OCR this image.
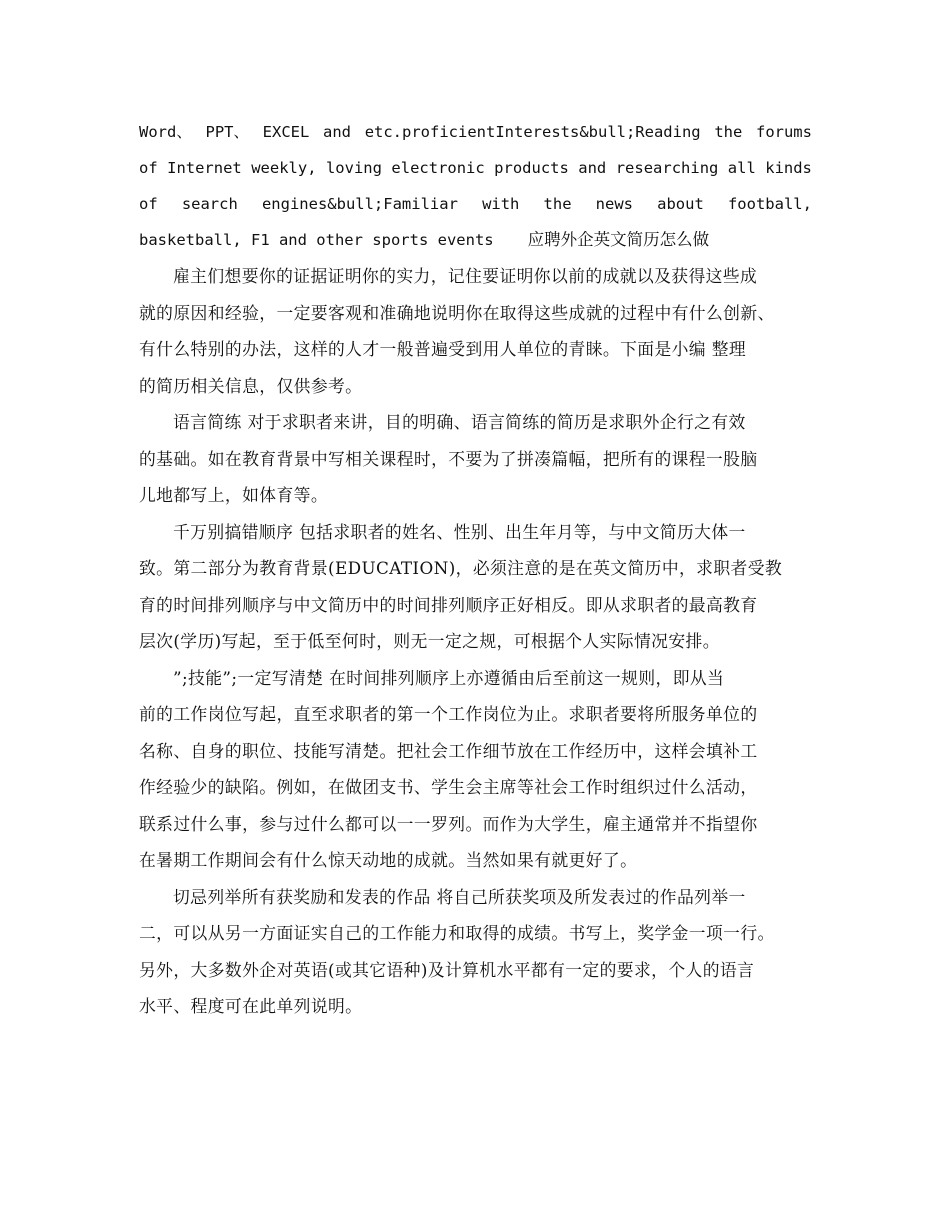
Word、 PPT、 EXCEL and etc.proficientInterests&bull;Reading the forums
of Internet weekly, loving electronic products and researching all kinds
of search engines&bull;Familiar with the news about football,
basketball, F1 and other sports events 应聘外企英文简历怎么做
雇主们想要你的证据证明你的实力，记住要证明你以前的成就以及获得这些成
就的原因和经验，一定要客观和准确地说明你在取得这些成就的过程中有什么创新、
有什么特别的办法，这样的人才一般普遍受到用人单位的青睐。下面是小编 整理
的简历相关信息，仅供参考。
语言简练 对于求职者来讲，目的明确、语言简练的简历是求职外企行之有效
的基础。如在教育背景中写相关课程时，不要为了拼凑篇幅，把所有的课程一股脑
儿地都写上，如体育等。
千万别搞错顺序 包括求职者的姓名、性别、出生年月等，与中文简历大体一
致。第二部分为教育背景(EDUCATION)，必须注意的是在英文简历中，求职者受教
育的时间排列顺序与中文简历中的时间排列顺序正好相反。即从求职者的最高教育
层次(学历)写起，至于低至何时，则无一定之规，可根据个人实际情况安排。
”;技能”;一定写清楚 在时间排列顺序上亦遵循由后至前这一规则，即从当
前的工作岗位写起，直至求职者的第一个工作岗位为止。求职者要将所服务单位的
名称、自身的职位、技能写清楚。把社会工作细节放在工作经历中，这样会填补工
作经验少的缺陷。例如，在做团支书、学生会主席等社会工作时组织过什么活动，
联系过什么事，参与过什么都可以一一罗列。而作为大学生，雇主通常并不指望你
在暑期工作期间会有什么惊天动地的成就。当然如果有就更好了。
切忌列举所有获奖励和发表的作品 将自己所获奖项及所发表过的作品列举一
二，可以从另一方面证实自己的工作能力和取得的成绩。书写上，奖学金一项一行。
另外，大多数外企对英语(或其它语种)及计算机水平都有一定的要求，个人的语言
水平、程度可在此单列说明。
